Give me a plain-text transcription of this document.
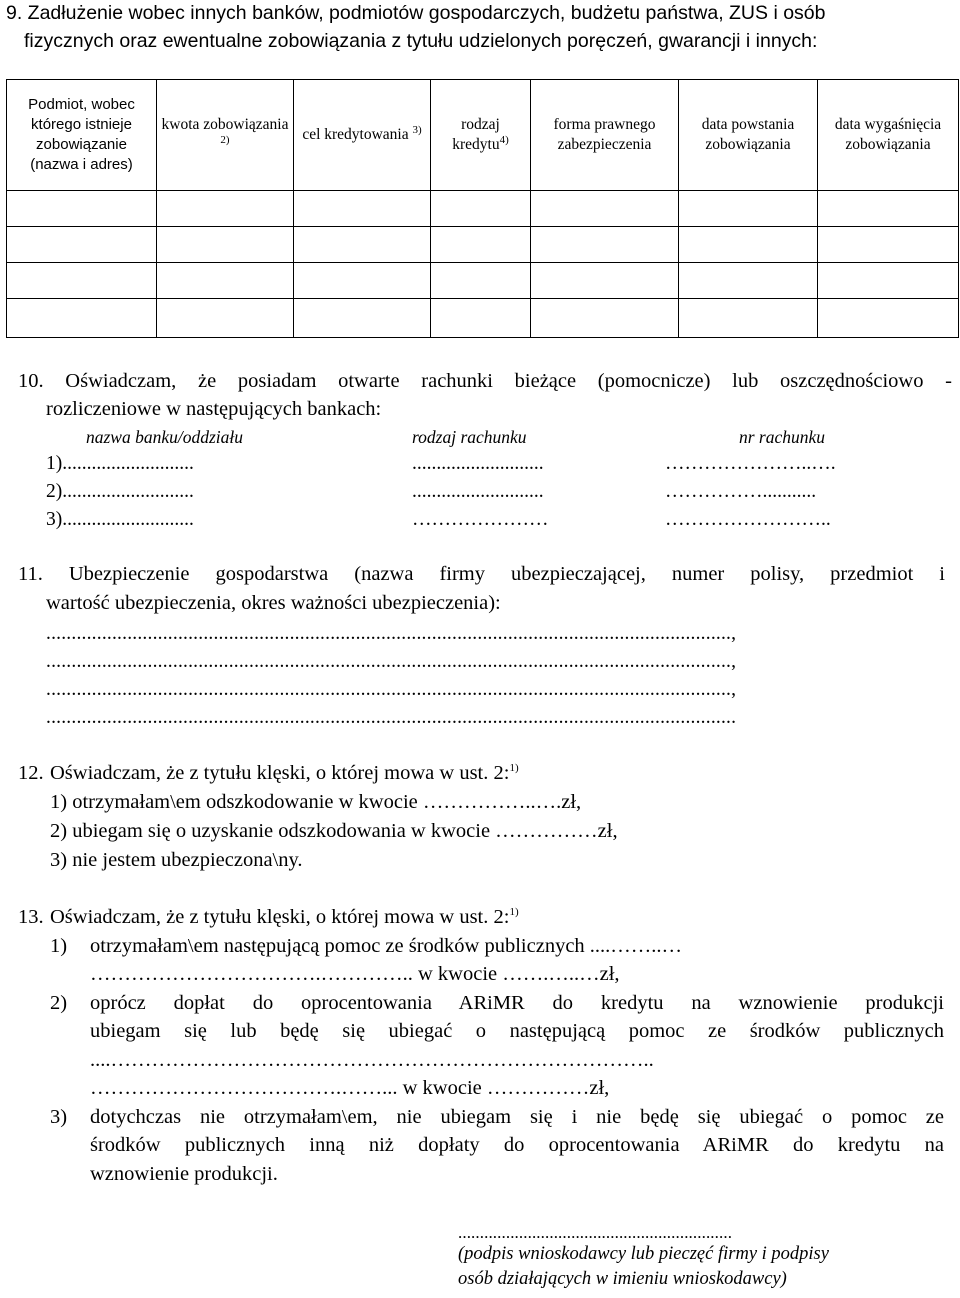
9. Zadłużenie wobec innych banków, podmiotów gospodarczych, budżetu państwa, ZUS i osób
fizycznych oraz ewentualne zobowiązania z tytułu udzielonych poręczeń, gwarancji i innych:
Podmiot, wobec którego istnieje zobowiązanie (nazwa i adres)	kwota zobowiązania $^{2)}$	cel kredytowania $^{3)}$	rodzaj kredytu$^{4)}$	forma prawnego zabezpieczenia	data powstania zobowiązania	data wygaśnięcia zobowiązania

10. Oświadczam, że posiadam otwarte rachunki bieżące (pomocnicze) lub oszczędnościowo -
rozliczeniowe w następujących bankach:
nazwa banku/oddziału	rodzaj rachunku	nr rachunku
1)...........................	...........................	…………………..….
2)...........................	...........................	……………...........
3)...........................	…………………	……………………..
11. Ubezpieczenie gospodarstwa (nazwa firmy ubezpieczającej, numer polisy, przedmiot i
wartość ubezpieczenia, okres ważności ubezpieczenia):
.......................................................................................................................................,
.......................................................................................................................................,
.......................................................................................................................................,
........................................................................................................................................
12. Oświadczam, że z tytułu klęski, o której mowa w ust. 2:$^{1)}$
1) otrzymałam\em odszkodowanie w kwocie ……………..….zł,
2) ubiegam się o uzyskanie odszkodowania w kwocie ……………zł,
3) nie jestem ubezpieczona\ny.
13. Oświadczam, że z tytułu klęski, o której mowa w ust. 2:$^{1)}$
1) otrzymałam\em następującą pomoc ze środków publicznych ....……..…
…………………………….………….. w kwocie …….…..…zł,
2) oprócz dopłat do oprocentowania ARiMR do kredytu na wznowienie produkcji
ubiegam się lub będę się ubiegać o następującą pomoc ze środków publicznych
....……………………………………………………………………..
……………………………….……... w kwocie ……………zł,
3) dotychczas nie otrzymałam\em, nie ubiegam się i nie będę się ubiegać o pomoc ze
środków publicznych inną niż dopłaty do oprocentowania ARiMR do kredytu na
wznowienie produkcji.
...............................................................
(podpis wnioskodawcy lub pieczęć firmy i podpisy
osób działających w imieniu wnioskodawcy)
